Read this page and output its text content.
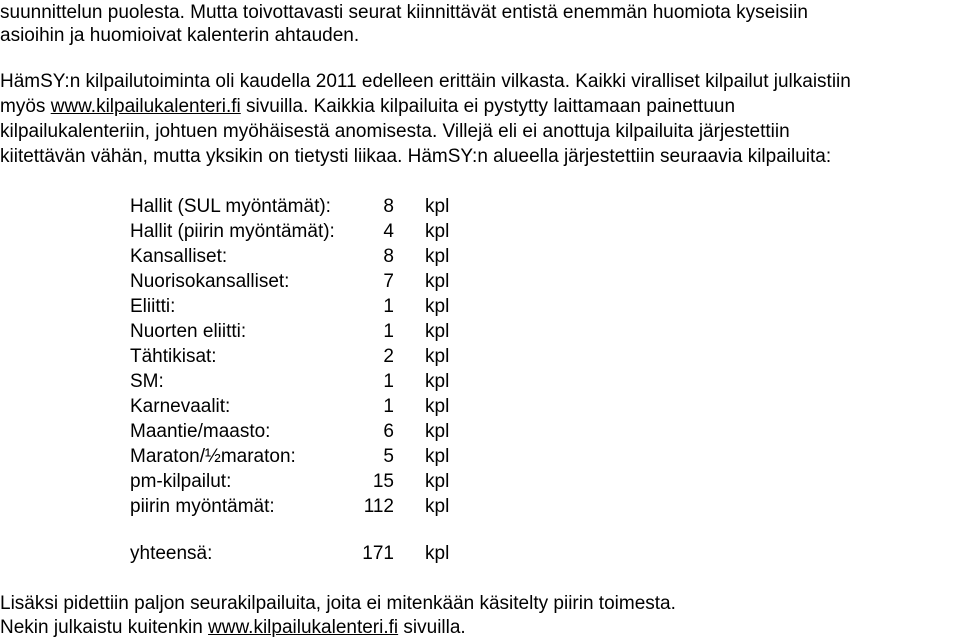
suunnittelun puolesta. Mutta toivottavasti seurat kiinnittävät entistä enemmän huomiota kyseisiin
asioihin ja huomioivat kalenterin ahtauden.
HämSY:n kilpailutoiminta oli kaudella 2011 edelleen erittäin vilkasta. Kaikki viralliset kilpailut julkaistiin
myös www.kilpailukalenteri.fi sivuilla. Kaikkia kilpailuita ei pystytty laittamaan painettuun
kilpailukalenteriin, johtuen myöhäisestä anomisesta. Villejä eli ei anottuja kilpailuita järjestettiin
kiitettävän vähän, mutta yksikin on tietysti liikaa. HämSY:n alueella järjestettiin seuraavia kilpailuita:
Hallit (SUL myöntämät):	8 kpl
Hallit (piirin myöntämät):	4 kpl
Kansalliset:	8 kpl
Nuorisokansalliset:	7 kpl
Eliitti:	1 kpl
Nuorten eliitti:	1 kpl
Tähtikisat:	2 kpl
SM:	1 kpl
Karnevaalit:	1 kpl
Maantie/maasto:	6 kpl
Maraton/½maraton:	5 kpl
pm-kilpailut:	15 kpl
piirin myöntämät:	112 kpl
yhteensä:	171 kpl
Lisäksi pidettiin paljon seurakilpailuita, joita ei mitenkään käsitelty piirin toimesta.
Nekin julkaistu kuitenkin www.kilpailukalenteri.fi sivuilla.
